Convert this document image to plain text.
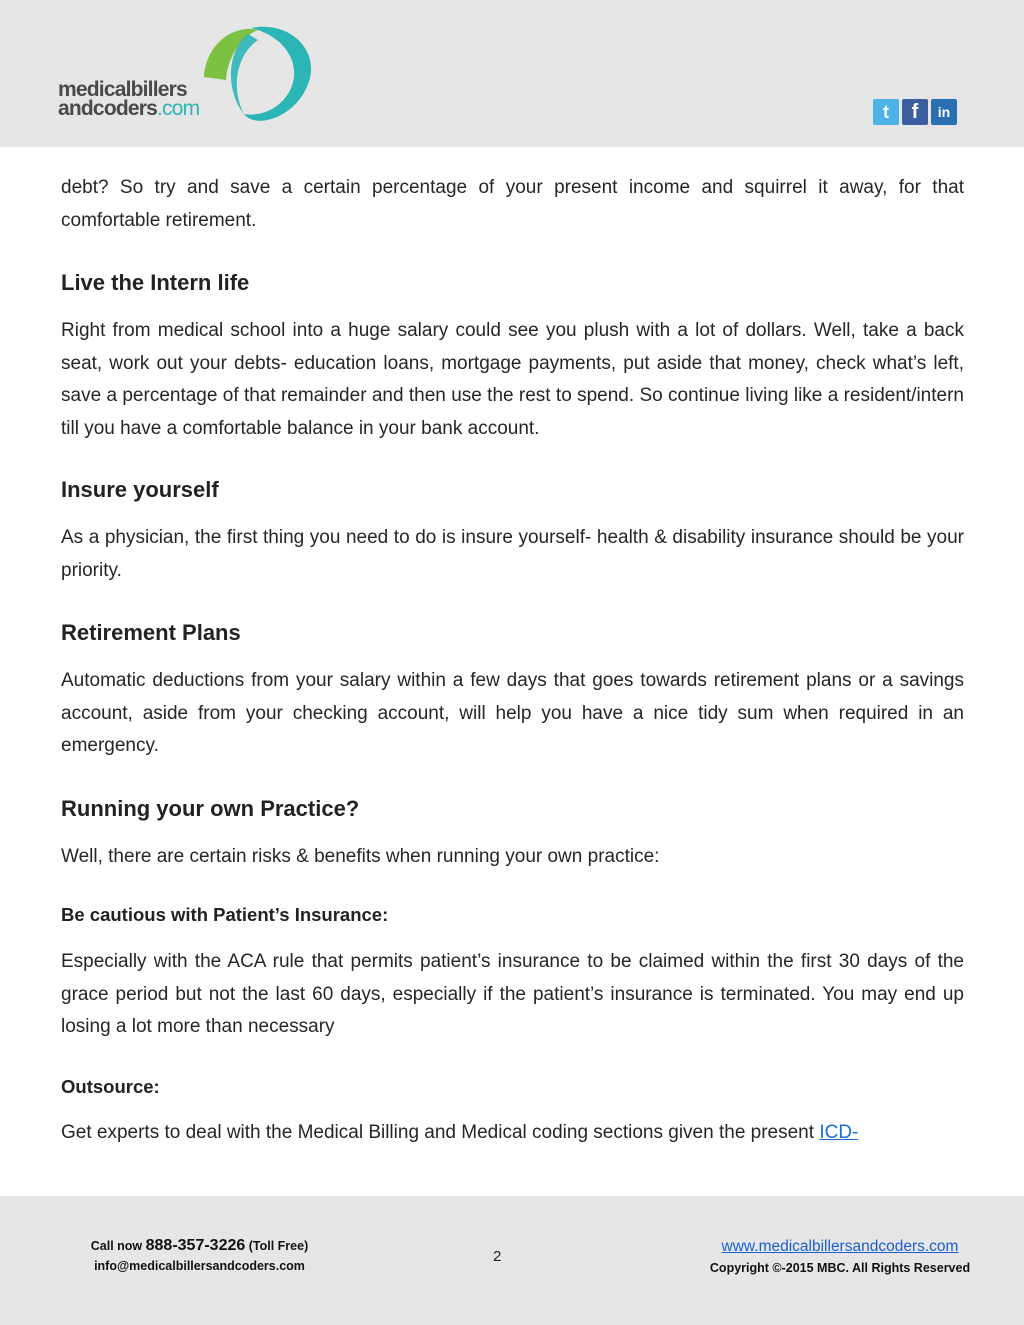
medicalbillers
andcoders.com	t	f	in

debt? So try and save a certain percentage of your present income and squirrel it away, for that comfortable retirement.

Live the Intern life

Right from medical school into a huge salary could see you plush with a lot of dollars. Well, take a back seat, work out your debts- education loans, mortgage payments, put aside that money, check what’s left, save a percentage of that remainder and then use the rest to spend. So continue living like a resident/intern till you have a comfortable balance in your bank account.

Insure yourself

As a physician, the first thing you need to do is insure yourself- health & disability insurance should be your priority.

Retirement Plans

Automatic deductions from your salary within a few days that goes towards retirement plans or a savings account, aside from your checking account, will help you have a nice tidy sum when required in an emergency.

Running your own Practice?

Well, there are certain risks & benefits when running your own practice:

Be cautious with Patient’s Insurance:

Especially with the ACA rule that permits patient’s insurance to be claimed within the first 30 days of the grace period but not the last 60 days, especially if the patient’s insurance is terminated. You may end up losing a lot more than necessary

Outsource:

Get experts to deal with the Medical Billing and Medical coding sections given the present ICD-

Call now 888-357-3226 (Toll Free)
info@medicalbillersandcoders.com
2
www.medicalbillersandcoders.com
Copyright ©-2015 MBC. All Rights Reserved
